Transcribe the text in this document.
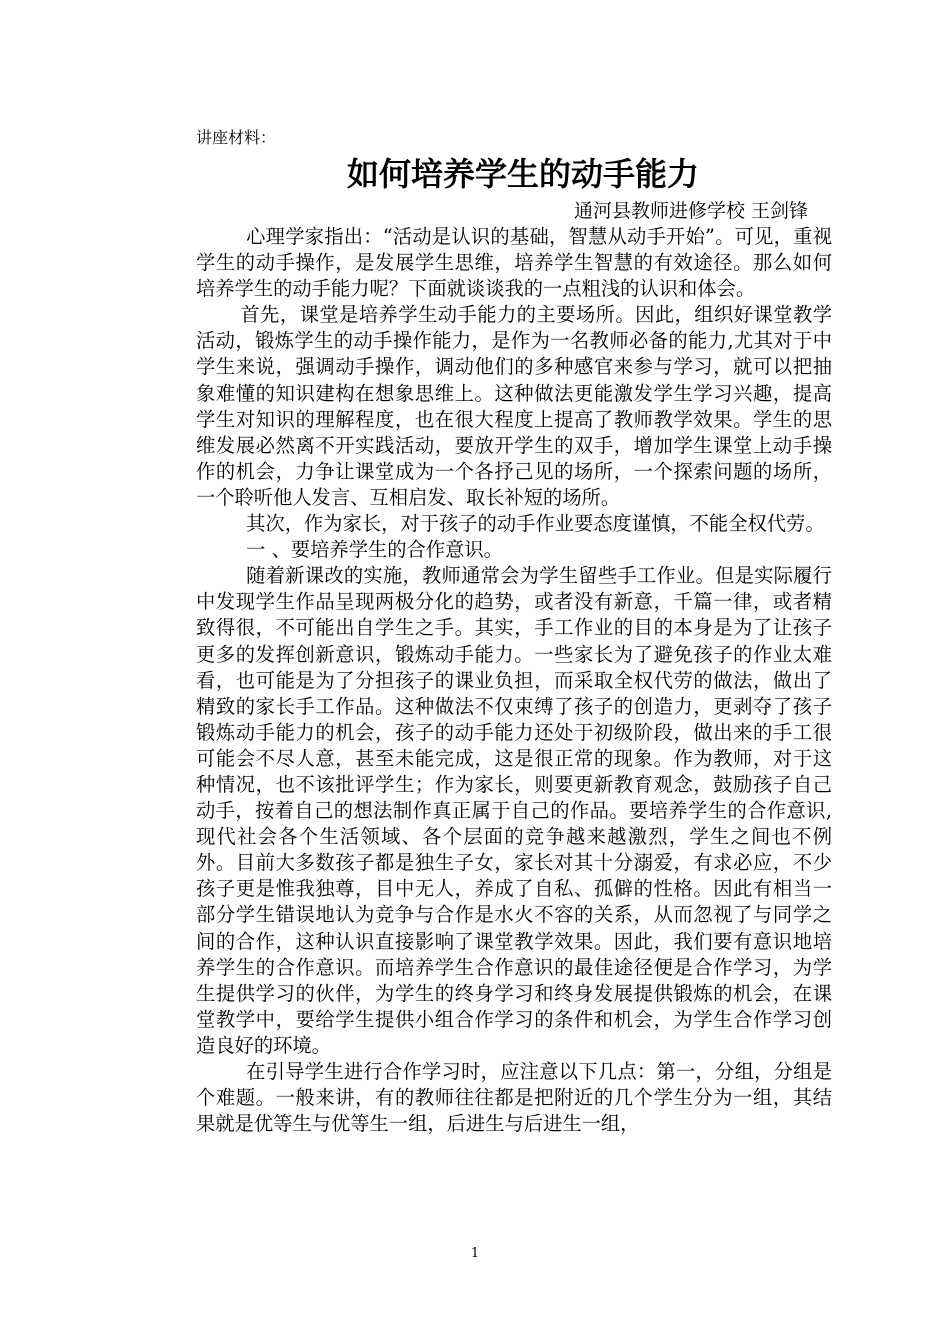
讲座材料：
如何培养学生的动手能力
通河县教师进修学校 王剑锋

心理学家指出：“活动是认识的基础，智慧从动手开始”。可见，重视学生的动手操作，是发展学生思维，培养学生智慧的有效途径。那么如何培养学生的动手能力呢？下面就谈谈我的一点粗浅的认识和体会。

首先，课堂是培养学生动手能力的主要场所。因此，组织好课堂教学活动，锻炼学生的动手操作能力，是作为一名教师必备的能力,尤其对于中学生来说，强调动手操作，调动他们的多种感官来参与学习，就可以把抽象难懂的知识建构在想象思维上。这种做法更能激发学生学习兴趣，提高学生对知识的理解程度，也在很大程度上提高了教师教学效果。学生的思维发展必然离不开实践活动，要放开学生的双手，增加学生课堂上动手操作的机会，力争让课堂成为一个各抒己见的场所，一个探索问题的场所，一个聆听他人发言、互相启发、取长补短的场所。

其次，作为家长，对于孩子的动手作业要态度谨慎，不能全权代劳。

一 、要培养学生的合作意识。

随着新课改的实施，教师通常会为学生留些手工作业。但是实际履行中发现学生作品呈现两极分化的趋势，或者没有新意，千篇一律，或者精致得很，不可能出自学生之手。其实，手工作业的目的本身是为了让孩子更多的发挥创新意识，锻炼动手能力。一些家长为了避免孩子的作业太难看，也可能是为了分担孩子的课业负担，而采取全权代劳的做法，做出了精致的家长手工作品。这种做法不仅束缚了孩子的创造力，更剥夺了孩子锻炼动手能力的机会，孩子的动手能力还处于初级阶段，做出来的手工很可能会不尽人意，甚至未能完成，这是很正常的现象。作为教师，对于这种情况，也不该批评学生；作为家长，则要更新教育观念，鼓励孩子自己动手，按着自己的想法制作真正属于自己的作品。要培养学生的合作意识,现代社会各个生活领域、各个层面的竞争越来越激烈，学生之间也不例外。目前大多数孩子都是独生子女，家长对其十分溺爱，有求必应，不少孩子更是惟我独尊，目中无人，养成了自私、孤僻的性格。因此有相当一部分学生错误地认为竞争与合作是水火不容的关系，从而忽视了与同学之间的合作，这种认识直接影响了课堂教学效果。因此，我们要有意识地培养学生的合作意识。而培养学生合作意识的最佳途径便是合作学习，为学生提供学习的伙伴，为学生的终身学习和终身发展提供锻炼的机会，在课堂教学中，要给学生提供小组合作学习的条件和机会，为学生合作学习创造良好的环境。

在引导学生进行合作学习时，应注意以下几点：第一，分组，分组是个难题。一般来讲，有的教师往往都是把附近的几个学生分为一组，其结果就是优等生与优等生一组，后进生与后进生一组，

1
